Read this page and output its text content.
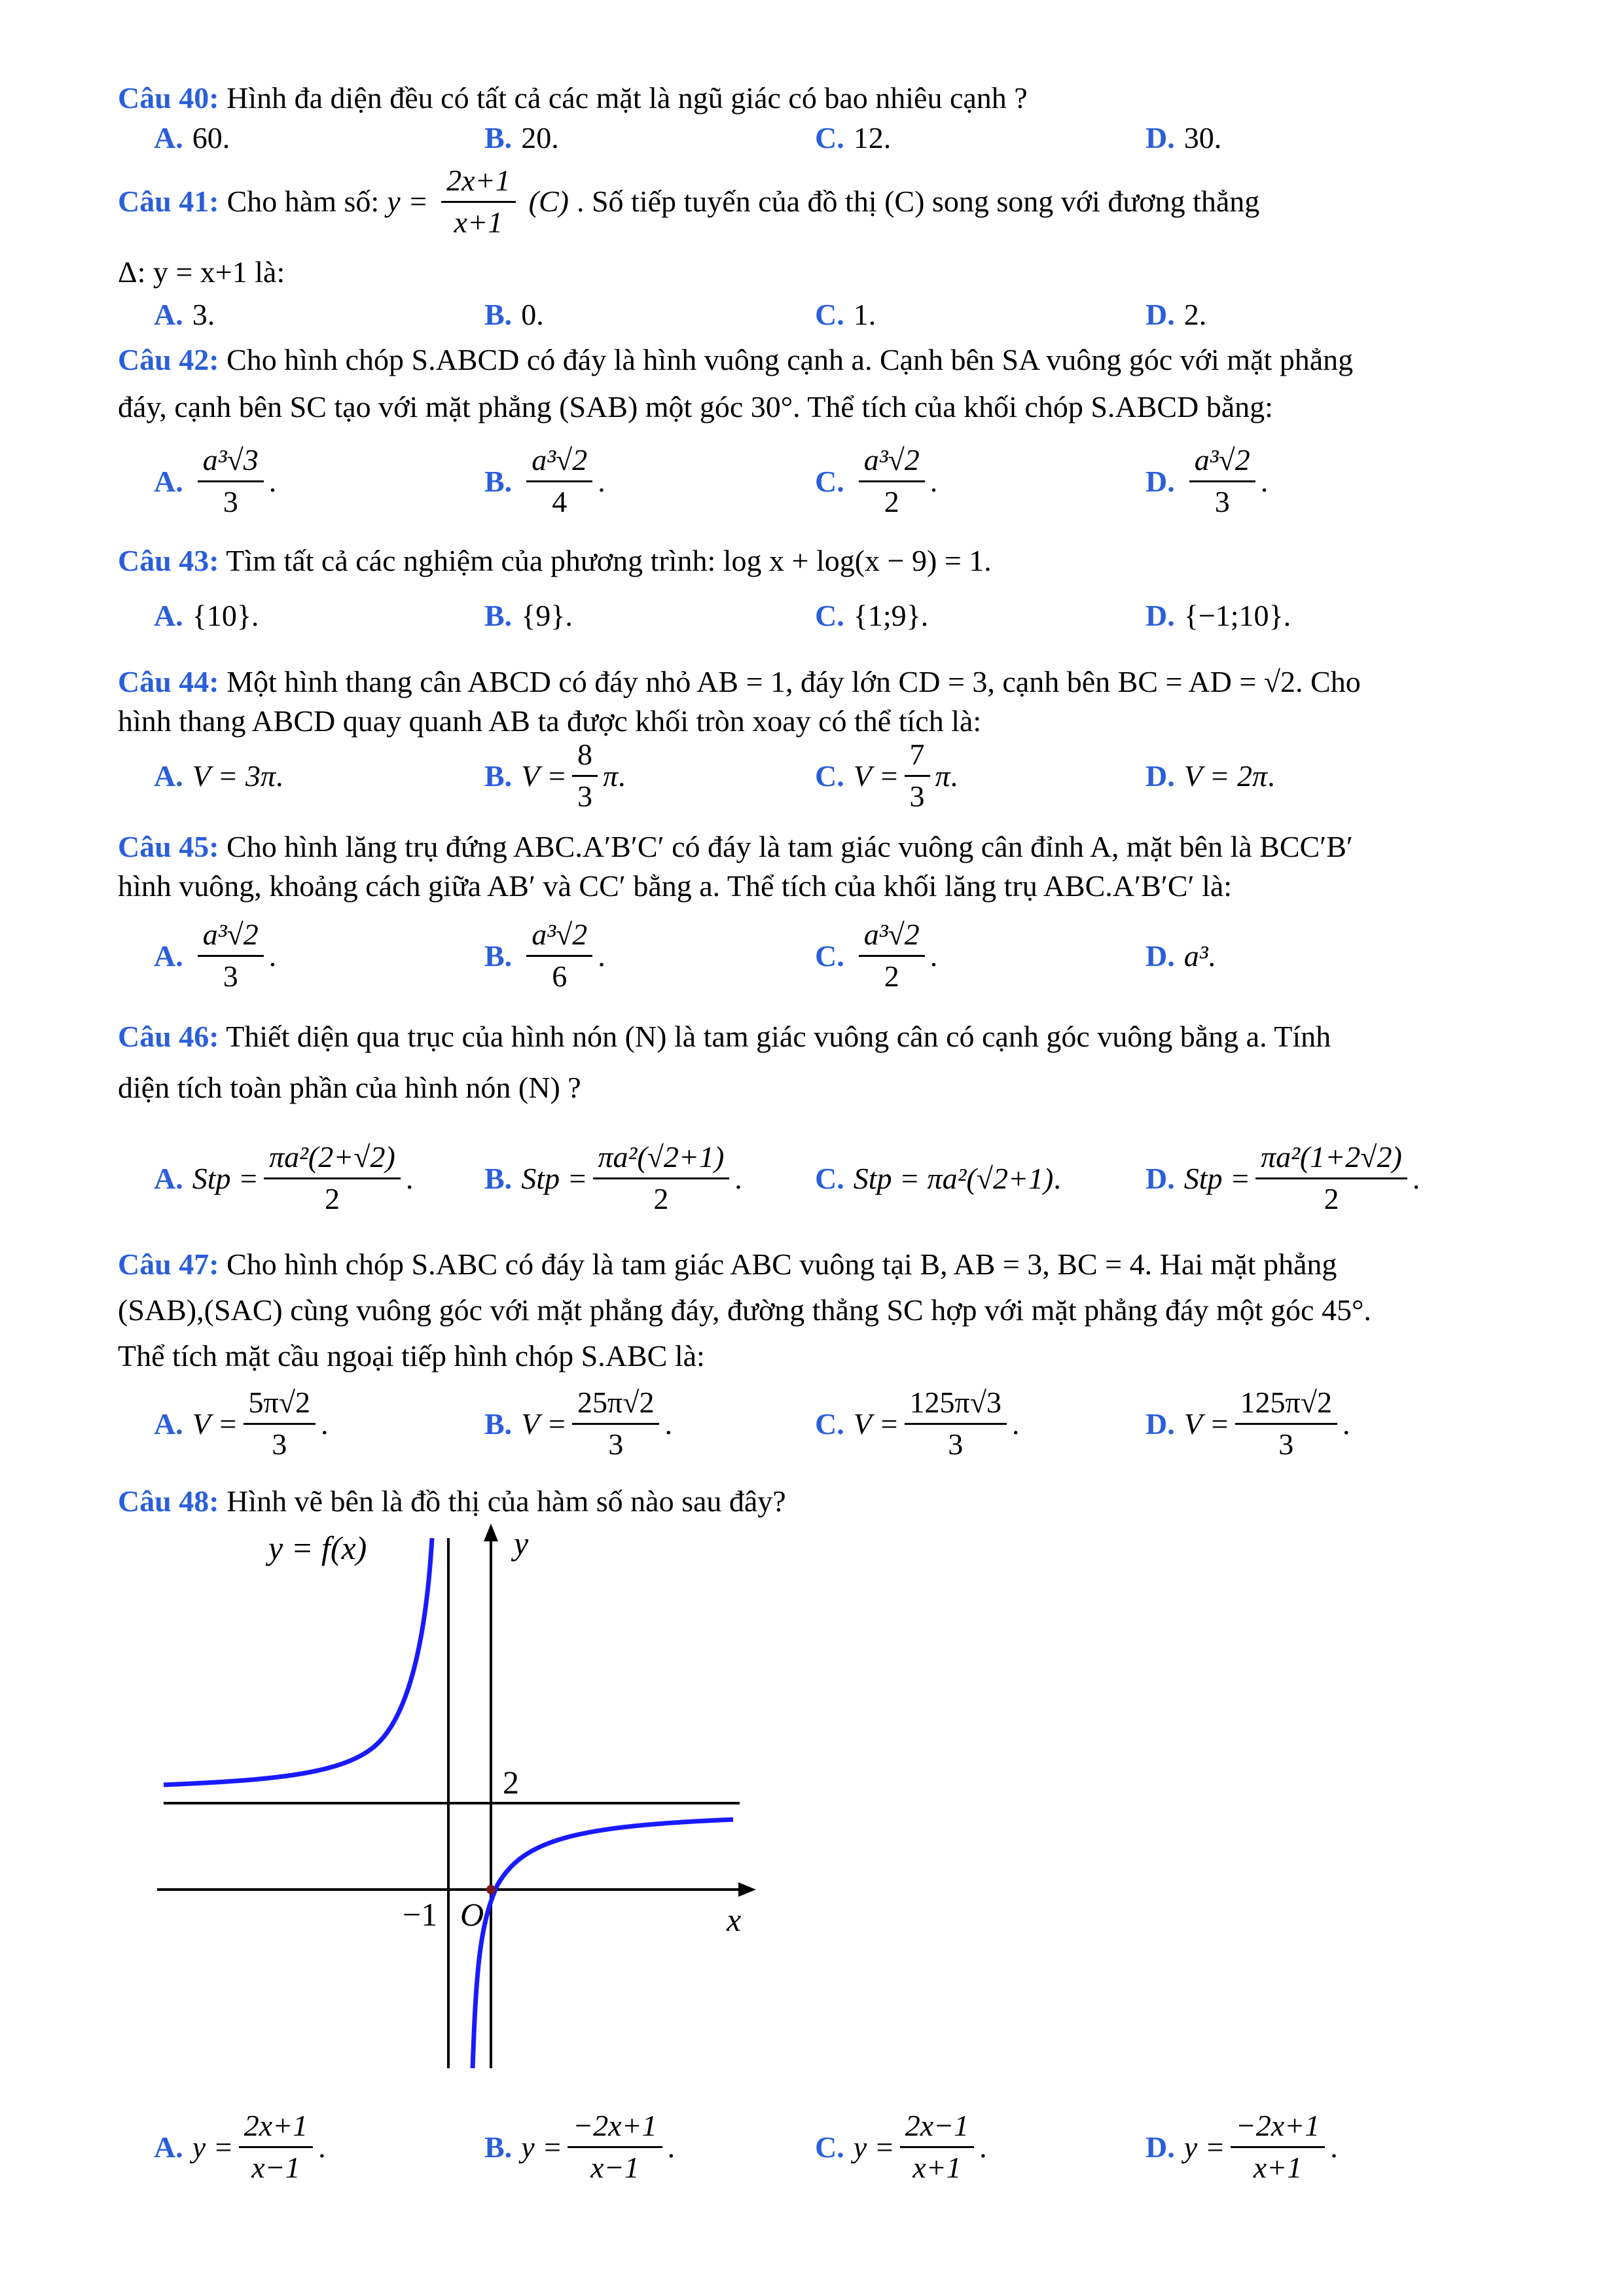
Câu 40: Hình đa diện đều có tất cả các mặt là ngũ giác có bao nhiêu cạnh ?
A. 60 .	B. 20 .	C. 12 .	D. 30 .
Câu 41: Cho hàm số: $y = \frac{2x+1}{x+1} (C)$ . Số tiếp tuyến của đồ thị (C) song song với đương thẳng
Δ: y = x+1 là:
A. 3 .	B. 0 .	C. 1 .	D. 2 .
Câu 42: Cho hình chóp S.ABCD có đáy là hình vuông cạnh a. Cạnh bên SA vuông góc với mặt phẳng
đáy, cạnh bên SC tạo với mặt phẳng (SAB) một góc 30°. Thể tích của khối chóp S.ABCD bằng:
A. $\frac{\text{a³√3}}{3}$ .	B. $\frac{\text{a³√2}}{4}$ .	C. $\frac{\text{a³√2}}{2}$ .	D. $\frac{\text{a³√2}}{3}$ .
Câu 43: Tìm tất cả các nghiệm của phương trình: log x + log(x − 9) = 1.
A. {10} .	B. {9} .	C. {1;9} .	D. {−1;10} .
Câu 44: Một hình thang cân ABCD có đáy nhỏ AB = 1, đáy lớn CD = 3, cạnh bên BC = AD = √2. Cho
hình thang ABCD quay quanh AB ta được khối tròn xoay có thể tích là:
A. V = 3π .	B. $V = \frac{8}{3}$ π .	C. $V = \frac{7}{3}$ π .	D. V = 2π .
Câu 45: Cho hình lăng trụ đứng ABC.A′B′C′ có đáy là tam giác vuông cân đỉnh A, mặt bên là BCC′B′
hình vuông, khoảng cách giữa AB′ và CC′ bằng a. Thể tích của khối lăng trụ ABC.A′B′C′ là:
A. $\frac{\text{a³√2}}{3}$ .	B. $\frac{\text{a³√2}}{6}$ .	C. $\frac{\text{a³√2}}{2}$ .	D. a³ .
Câu 46: Thiết diện qua trục của hình nón (N) là tam giác vuông cân có cạnh góc vuông bằng a. Tính
diện tích toàn phần của hình nón (N) ?
A. Stp = $\frac{\text{πa²(2+√2)}}{2}$ . B. Stp = $\frac{\text{πa²(√2+1)}}{2}$ . C. Stp = πa²(√2+1) .	D. Stp = $\frac{\text{πa²(1+2√2)}}{2}$ .
Câu 47: Cho hình chóp S.ABC có đáy là tam giác ABC vuông tại B, AB = 3, BC = 4. Hai mặt phẳng
(SAB),(SAC) cùng vuông góc với mặt phẳng đáy, đường thẳng SC hợp với mặt phẳng đáy một góc 45°.
Thể tích mặt cầu ngoại tiếp hình chóp S.ABC là:
A. $V = \frac{5\pi√2}{3}$ .	B. $V = \frac{25\pi√2}{3}$ .	C. $V = \frac{125\pi√3}{3}$ .	D. $V = \frac{125\pi√2}{3}$ .
Câu 48: Hình vẽ bên là đồ thị của hàm số nào sau đây?
y = f(x)	y
x
O
−1
2
A. $y = \frac{2x+1}{x-1}$ .	B. $y = \frac{-2x+1}{x-1}$ .	C. $y = \frac{2x-1}{x+1}$ .	D. $y = \frac{-2x+1}{x+1}$ .
